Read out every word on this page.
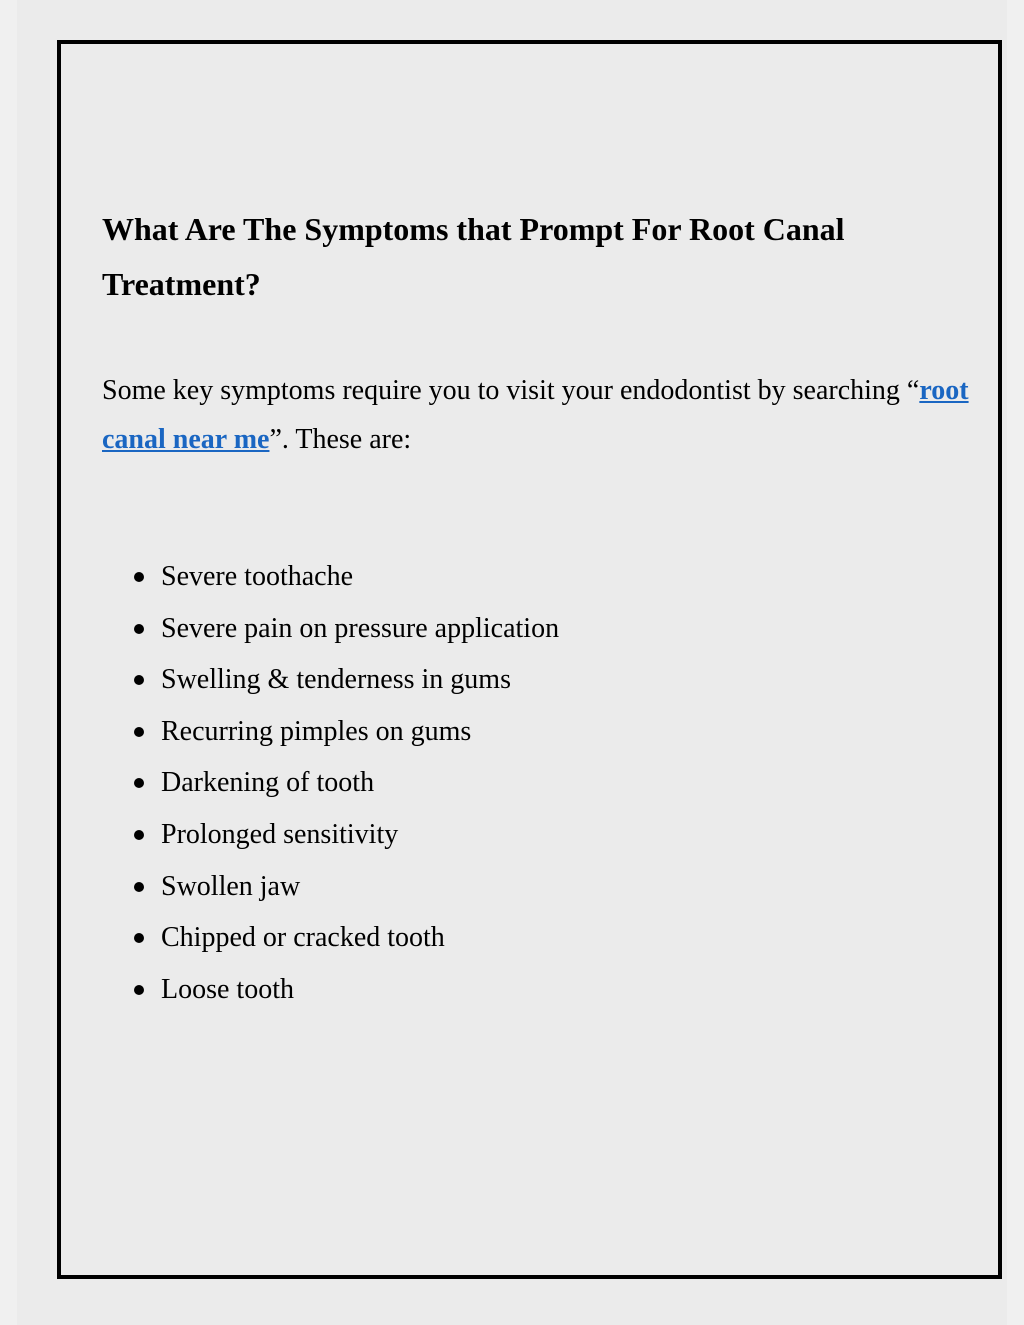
What Are The Symptoms that Prompt For Root Canal Treatment?

Some key symptoms require you to visit your endodontist by searching “root canal near me”. These are:

Severe toothache
Severe pain on pressure application
Swelling & tenderness in gums
Recurring pimples on gums
Darkening of tooth
Prolonged sensitivity
Swollen jaw
Chipped or cracked tooth
Loose tooth
